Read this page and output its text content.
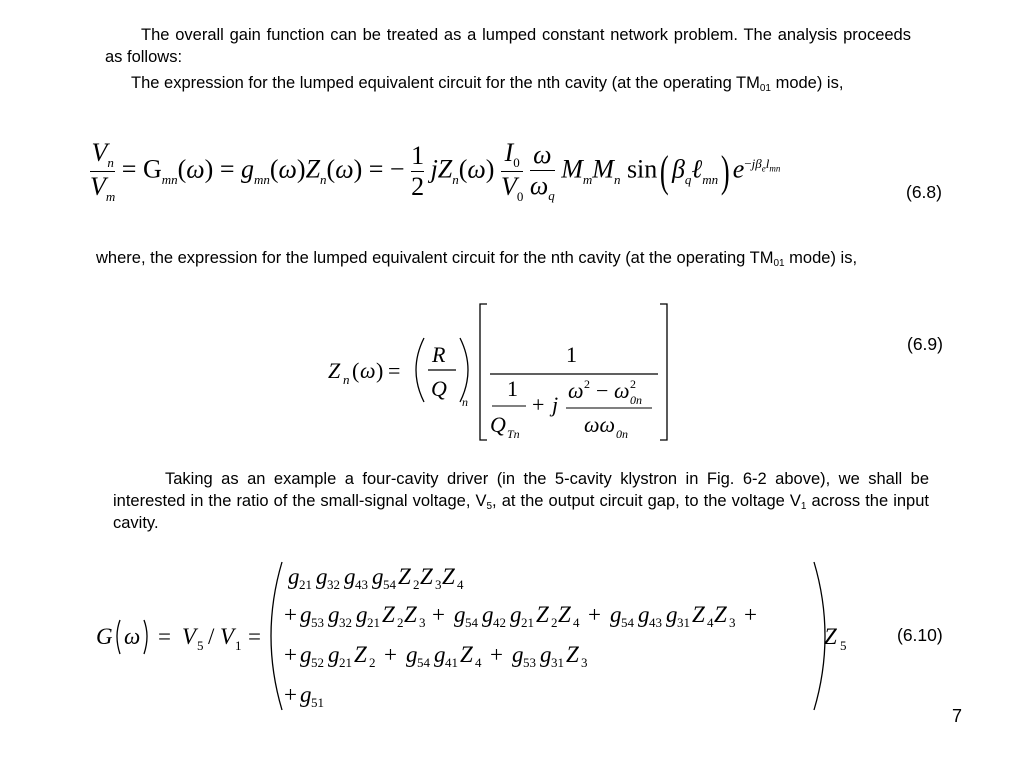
The overall gain function can be treated as a lumped constant network problem. The analysis proceeds as follows:

The expression for the lumped equivalent circuit for the nth cavity (at the operating $TM_{01}$ mode) is,

$\frac{V_n}{V_m} = G_{mn}(\omega) = g_{mn}(\omega)Z_n(\omega)$ = − $\frac{1}{2} jZ_n(\omega) \frac{I_0}{V_0}$
$\frac{\omega}{\omega_q} M_mM_n$ sin( $\beta_q\ell_{mn}$) $e^{-j\beta_el_{mn}}$
(6.8)

where, the expression for the lumped equivalent circuit for the nth cavity (at the operating $TM_{01}$ mode) is,

Z n ( ω ) =
R
Q
n
1
1
Q Tn
+ j
ω 2 − ω 2
0n
ωω 0n
(6.9)

Taking as an example a four-cavity driver (in the 5-cavity klystron in Fig. 6-2 above), we shall be interested in the ratio of the small-signal voltage, $V_5$, at the output circuit gap, to the voltage $V_1$ across the input cavity.

G ω = V 5 / V 1 =
g 21 g 32 g 43 g 54 Z 2 Z 3 Z 4
+ g 53 g 32 g 21 Z 2 Z 3 + g 54 g 42 g 21 Z 2 Z 4 + g 54 g 43 g 31 Z 4 Z 3 +
+ g 52 g 21 Z 2 + g 54 g 41 Z 4 + g 53 g 31 Z 3
+ g 51
Z 5
(6.10)
7
